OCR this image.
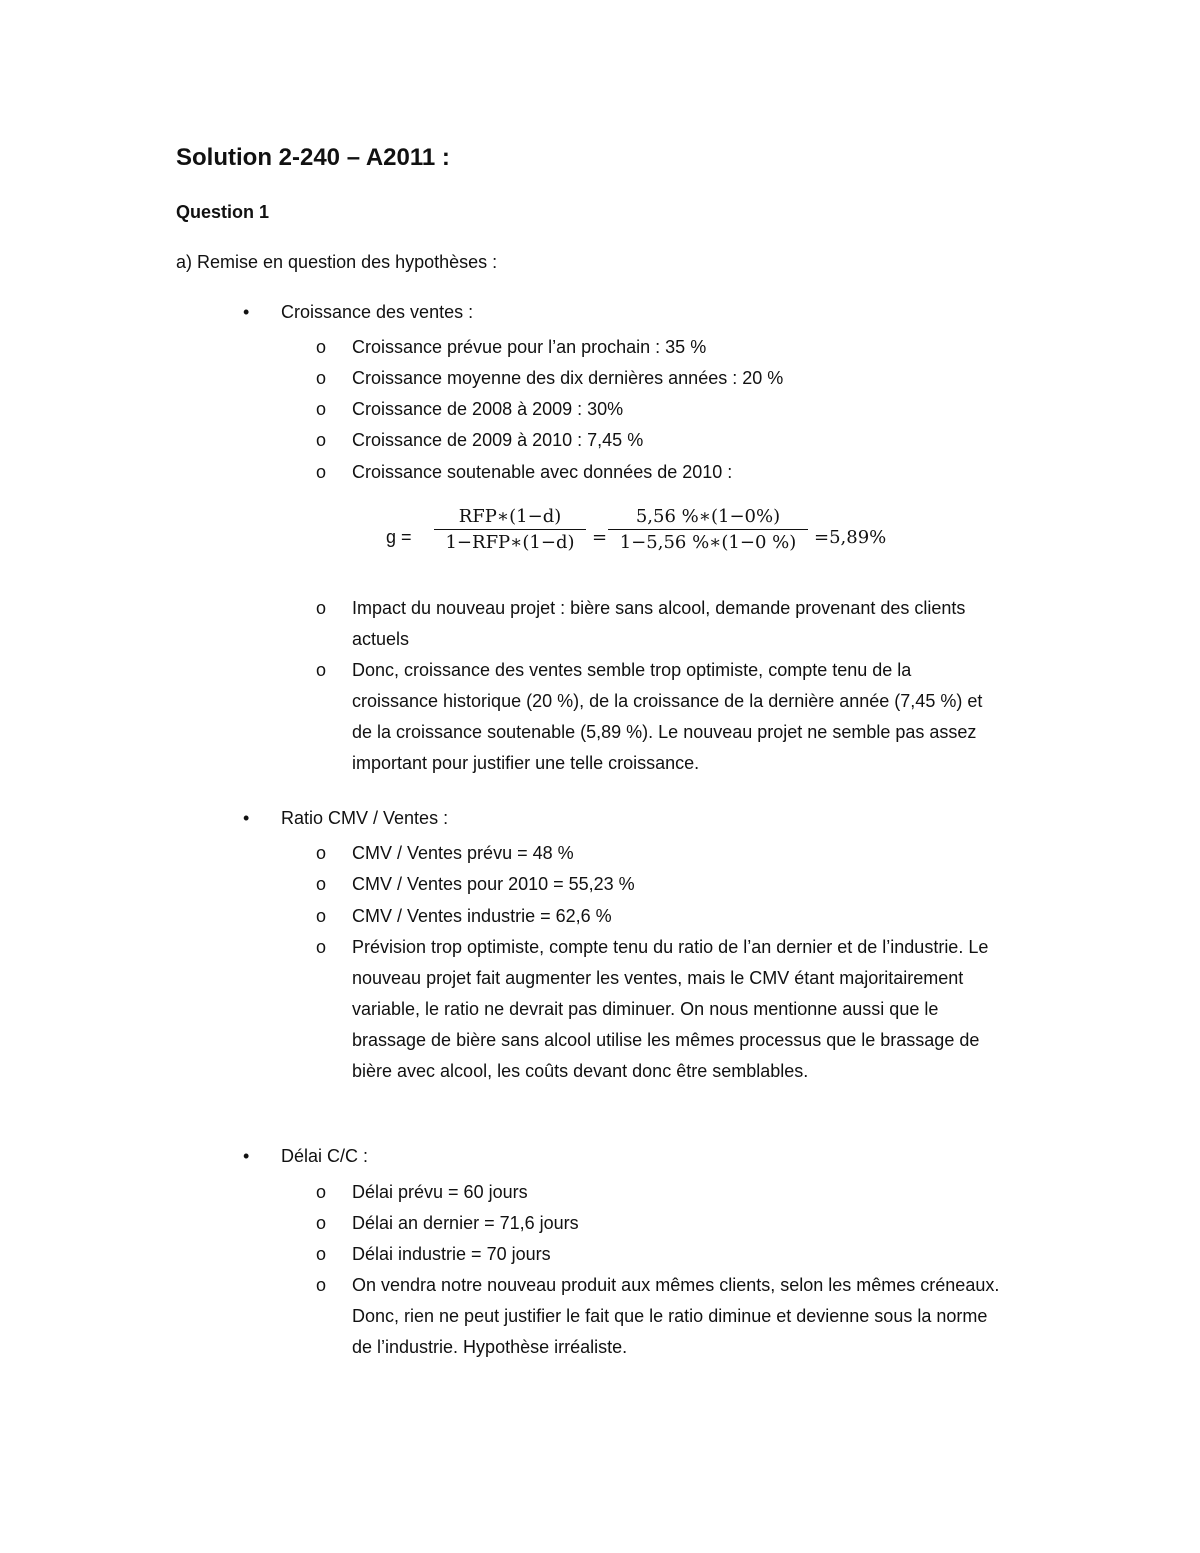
Solution 2-240 – A2011 :
Question 1
a) Remise en question des hypothèses :
• Croissance des ventes :
o Croissance prévue pour l’an prochain : 35 %
o Croissance moyenne des dix dernières années : 20 %
o Croissance de 2008 à 2009 : 30%
o Croissance de 2009 à 2010 : 7,45 %
o Croissance soutenable avec données de 2010 :
g =
RFP∗(1−d)
1−RFP∗(1−d) =
5,56 %∗(1−0%)
1−5,56 %∗(1−0 %) =5,89%
o Impact du nouveau projet : bière sans alcool, demande provenant des clients actuels
o Donc, croissance des ventes semble trop optimiste, compte tenu de la croissance historique (20 %), de la croissance de la dernière année (7,45 %) et de la croissance soutenable (5,89 %). Le nouveau projet ne semble pas assez important pour justifier une telle croissance.
• Ratio CMV / Ventes :
o CMV / Ventes prévu = 48 %
o CMV / Ventes pour 2010 = 55,23 %
o CMV / Ventes industrie = 62,6 %
o Prévision trop optimiste, compte tenu du ratio de l’an dernier et de l’industrie. Le nouveau projet fait augmenter les ventes, mais le CMV étant majoritairement variable, le ratio ne devrait pas diminuer. On nous mentionne aussi que le brassage de bière sans alcool utilise les mêmes processus que le brassage de bière avec alcool, les coûts devant donc être semblables.
• Délai C/C :
o Délai prévu = 60 jours
o Délai an dernier = 71,6 jours
o Délai industrie = 70 jours
o On vendra notre nouveau produit aux mêmes clients, selon les mêmes créneaux. Donc, rien ne peut justifier le fait que le ratio diminue et devienne sous la norme de l’industrie. Hypothèse irréaliste.
